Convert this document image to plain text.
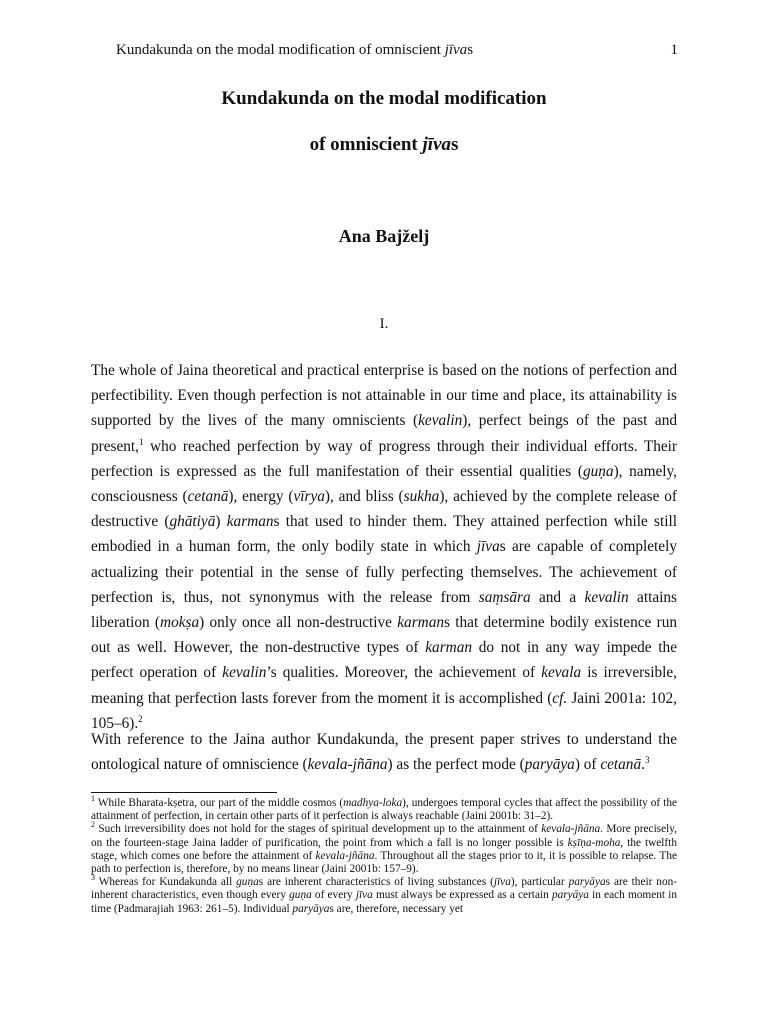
Kundakunda on the modal modification of omniscient jīvas	1
Kundakunda on the modal modification
of omniscient jīvas
Ana Bajželj
I.

The whole of Jaina theoretical and practical enterprise is based on the notions of perfection and perfectibility. Even though perfection is not attainable in our time and place, its attainability is supported by the lives of the many omniscients (kevalin), perfect beings of the past and present,$^1$ who reached perfection by way of progress through their individual efforts. Their perfection is expressed as the full manifestation of their essential qualities (guṇa), namely, consciousness (cetanā), energy (vīrya), and bliss (sukha), achieved by the complete release of destructive (ghātiyā) karmans that used to hinder them. They attained perfection while still embodied in a human form, the only bodily state in which jīvas are capable of completely actualizing their potential in the sense of fully perfecting themselves. The achievement of perfection is, thus, not synonymus with the release from saṃsāra and a kevalin attains liberation (mokṣa) only once all non-destructive karmans that determine bodily existence run out as well. However, the non-destructive types of karman do not in any way impede the perfect operation of kevalin’s qualities. Moreover, the achievement of kevala is irreversible, meaning that perfection lasts forever from the moment it is accomplished (cf. Jaini 2001a: 102, 105–6).$^2$

With reference to the Jaina author Kundakunda, the present paper strives to understand the ontological nature of omniscience (kevala-jñāna) as the perfect mode (paryāya) of cetanā.$^3$

$^1$ While Bharata-kṣetra, our part of the middle cosmos (madhya-loka), undergoes temporal cycles that affect the possibility of the attainment of perfection, in certain other parts of it perfection is always reachable (Jaini 2001b: 31–2).

$^2$ Such irreversibility does not hold for the stages of spiritual development up to the attainment of kevala-jñāna. More precisely, on the fourteen-stage Jaina ladder of purification, the point from which a fall is no longer possible is kṣīṇa-moha, the twelfth stage, which comes one before the attainment of kevala-jñāna. Throughout all the stages prior to it, it is possible to relapse. The path to perfection is, therefore, by no means linear (Jaini 2001b: 157–9).

$^3$ Whereas for Kundakunda all guṇas are inherent characteristics of living substances (jīva), particular paryāyas are their non-inherent characteristics, even though every guṇa of every jīva must always be expressed as a certain paryāya in each moment in time (Padmarajiah 1963: 261–5). Individual paryāyas are, therefore, necessary yet
